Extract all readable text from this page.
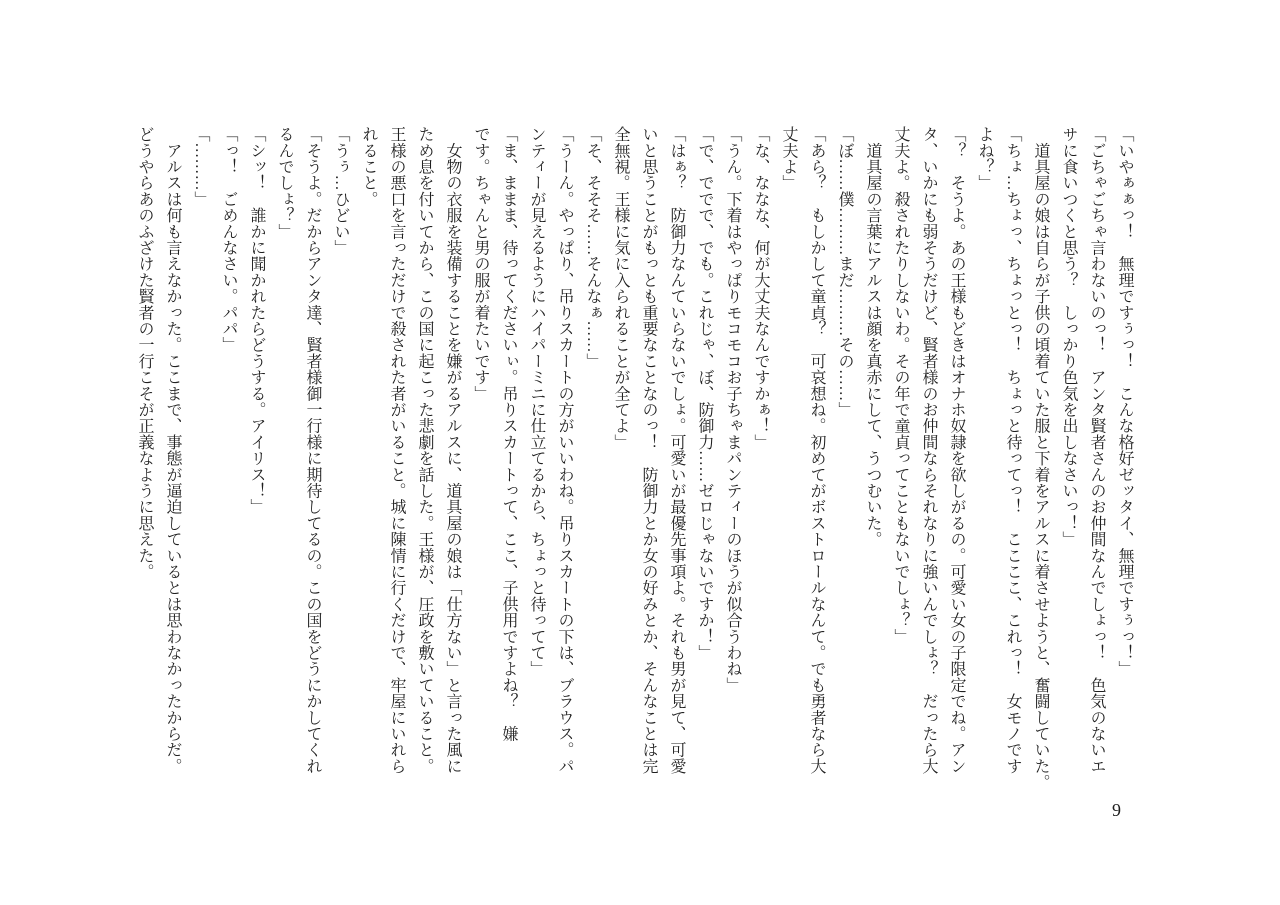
「いやぁぁっ！　無理ですぅっ！　こんな格好ゼッタイ、無理ですぅっ！」
「ごちゃごちゃ言わないのっ！　アンタ賢者さんのお仲間なんでしょっ！　色気のないエ
サに食いつくと思う？　しっかり色気を出しなさいっ！」
　道具屋の娘は自らが子供の頃着ていた服と下着をアルスに着させようと、奮闘していた。
「ちょ…ちょっ、ちょっとっ！　ちょっと待ってっ！　ここここ、これっ！　女モノです
よね？」
「？　そうよ。あの王様もどきはオナホ奴隷を欲しがるの。可愛い女の子限定でね。アン
タ、いかにも弱そうだけど、賢者様のお仲間ならそれなりに強いんでしょ？　だったら大
丈夫よ。殺されたりしないわ。その年で童貞ってこともないでしょ？」
　道具屋の言葉にアルスは顔を真赤にして、うつむいた。
「ぼ……僕………まだ………その……」
「あら？　もしかして童貞？　可哀想ね。初めてがボストロールなんて。でも勇者なら大
丈夫よ」
「な、ななな、何が大丈夫なんですかぁ！」
「うん。下着はやっぱりモコモコお子ちゃまパンティーのほうが似合うわね」
「で、ででで、でも。これじゃ、ぼ、防御力……ゼロじゃないですか！」
「はぁ？　防御力なんていらないでしょ。可愛いが最優先事項よ。それも男が見て、可愛
いと思うことがもっとも重要なことなのっ！　防御力とか女の好みとか、そんなことは完
全無視。王様に気に入られることが全てよ」
「そ、そそそ……そんなぁ……」
「うーん。やっぱり、吊りスカートの方がいいわね。吊りスカートの下は、ブラウス。パ
ンティーが見えるようにハイパーミニに仕立てるから、ちょっと待ってて」
「ま、ままま、待ってくださいぃ。吊りスカートって、ここ、子供用ですよね？　嫌
です。ちゃんと男の服が着たいです」
　女物の衣服を装備することを嫌がるアルスに、道具屋の娘は「仕方ない」と言った風に
ため息を付いてから、この国に起こった悲劇を話した。王様が、圧政を敷いていること。
王様の悪口を言っただけで殺された者がいること。城に陳情に行くだけで、牢屋にいれら
れること。
「うぅ…ひどい」
「そうよ。だからアンタ達、賢者様御一行様に期待してるの。この国をどうにかしてくれ
るんでしょ？」
「シッ！　誰かに聞かれたらどうする。アイリス！」
「っ！　ごめんなさい。パパ」
「………」
　アルスは何も言えなかった。ここまで、事態が逼迫しているとは思わなかったからだ。
どうやらあのふざけた賢者の一行こそが正義なように思えた。
9
